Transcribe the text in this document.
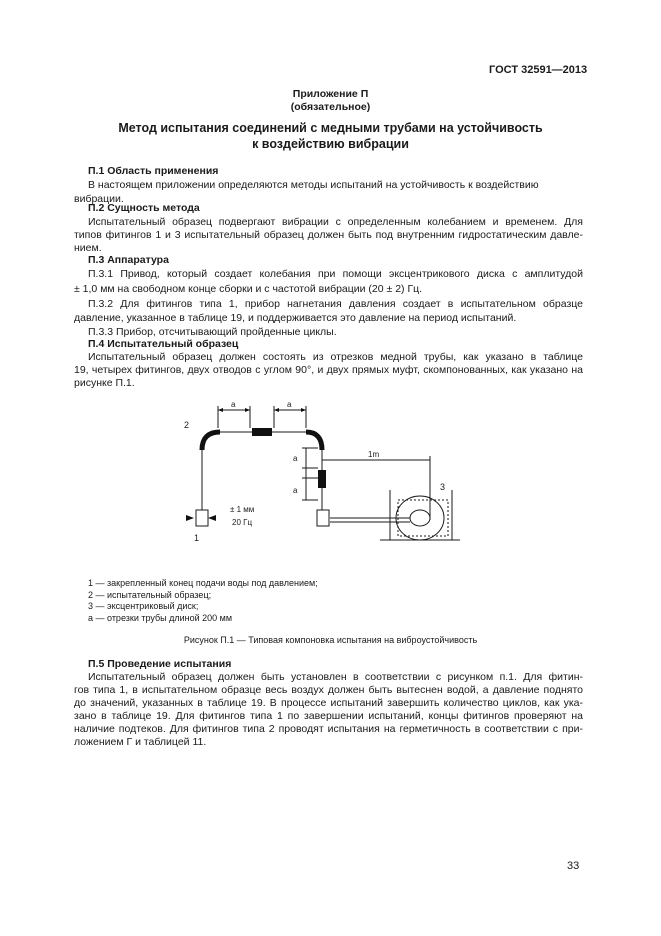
ГОСТ 32591—2013
Приложение П
(обязательное)
Метод испытания соединений с медными трубами на устойчивость
к воздействию вибрации
П.1 Область применения
В настоящем приложении определяются методы испытаний на устойчивость к воздействию
вибрации.
П.2 Сущность метода
Испытательный образец подвергают вибрации с определенным колебанием и временем. Для
типов фитингов 1 и 3 испытательный образец должен быть под внутренним гидростатическим давле-
нием.
П.3 Аппаратура
П.3.1 Привод, который создает колебания при помощи эксцентрикового диска с амплитудой
± 1,0 мм на свободном конце сборки и с частотой вибрации (20 ± 2) Гц.
П.3.2 Для фитингов типа 1, прибор нагнетания давления создает в испытательном образце
давление, указанное в таблице 19, и поддерживается это давление на период испытаний.
П.3.3 Прибор, отсчитывающий пройденные циклы.
П.4 Испытательный образец
Испытательный образец должен состоять из отрезков медной трубы, как указано в таблице
19, четырех фитингов, двух отводов с углом 90°, и двух прямых муфт, скомпонованных, как указано на
рисунке П.1.
a	a
a
a
1m
2
1
3
± 1 мм
20 Гц
1 — закрепленный конец подачи воды под давлением;
2 — испытательный образец;
3 — эксцентриковый диск;
а — отрезки трубы длиной 200 мм
Рисунок П.1 — Типовая компоновка испытания на виброустойчивость
П.5 Проведение испытания
Испытательный образец должен быть установлен в соответствии с рисунком п.1. Для фитин-
гов типа 1, в испытательном образце весь воздух должен быть вытеснен водой, а давление поднято
до значений, указанных в таблице 19. В процессе испытаний завершить количество циклов, как ука-
зано в таблице 19. Для фитингов типа 1 по завершении испытаний, концы фитингов проверяют на
наличие подтеков. Для фитингов типа 2 проводят испытания на герметичность в соответствии с при-
ложением Г и таблицей 11.
33
